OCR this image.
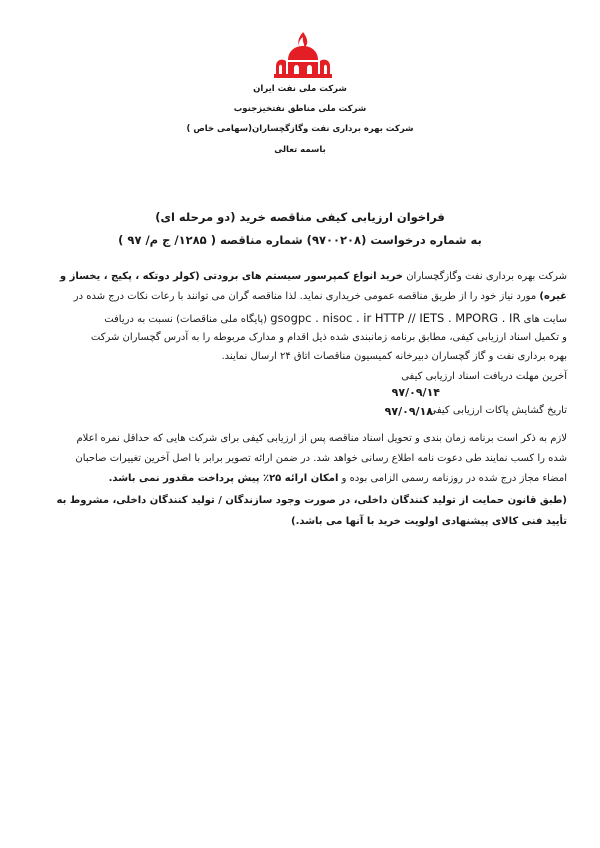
شرکت ملی نفت ایران
شرکت ملی مناطق نفتخیزجنوب
شرکت بهره برداری نفت وگازگچساران(سهامی خاص )
باسمه تعالی
فراخوان ارزیابی کیفی مناقصه خرید (دو مرحله ای)
به شماره درخواست (۹۷۰۰۲۰۸) شماره مناقصه ( ۱۲۸۵/ ج م/ ۹۷ )
شرکت بهره برداری نفت وگازگچساران خرید انواع کمپرسور سیستم های برودتی (کولر دوتکه ، پکیج ، یخساز و
غیره) مورد نیاز خود را از طریق مناقصه عمومی خریداری نماید. لذا مناقصه گران می توانند با رعات نکات درج شده در
سایت های gsogpc . nisoc . ir HTTP // IETS . MPORG . IR (پایگاه ملی مناقصات) نسبت به دریافت
و تکمیل اسناد ارزیابی کیفی، مطابق برنامه زمانبندی شده ذیل اقدام و مدارک مربوطه را به آدرس گچساران شرکت
بهره برداری نفت و گاز گچساران دبیرخانه کمیسیون مناقصات اتاق ۲۴ ارسال نمایند.
آخرین مهلت دریافت اسناد ارزیابی کیفی
۹۷/۰۹/۱۴
تاریخ گشایش پاکات ارزیابی کیفی
۹۷/۰۹/۱۸
لازم به ذکر است برنامه زمان بندی و تحویل اسناد مناقصه پس از ارزیابی کیفی برای شرکت هایی که حداقل نمره اعلام
شده را کسب نمایند طی دعوت نامه اطلاع رسانی خواهد شد. در ضمن ارائه تصویر برابر با اصل آخرین تغییرات صاحبان
امضاء مجاز درج شده در روزنامه رسمی الزامی بوده و امکان ارائه ۲۵٪ پیش پرداخت مقدور نمی باشد.
(طبق قانون حمایت از تولید کنندگان داخلی، در صورت وجود سازندگان / تولید کنندگان داخلی، مشروط به
تأیید فنی کالای پیشنهادی اولویت خرید با آنها می باشد.)
